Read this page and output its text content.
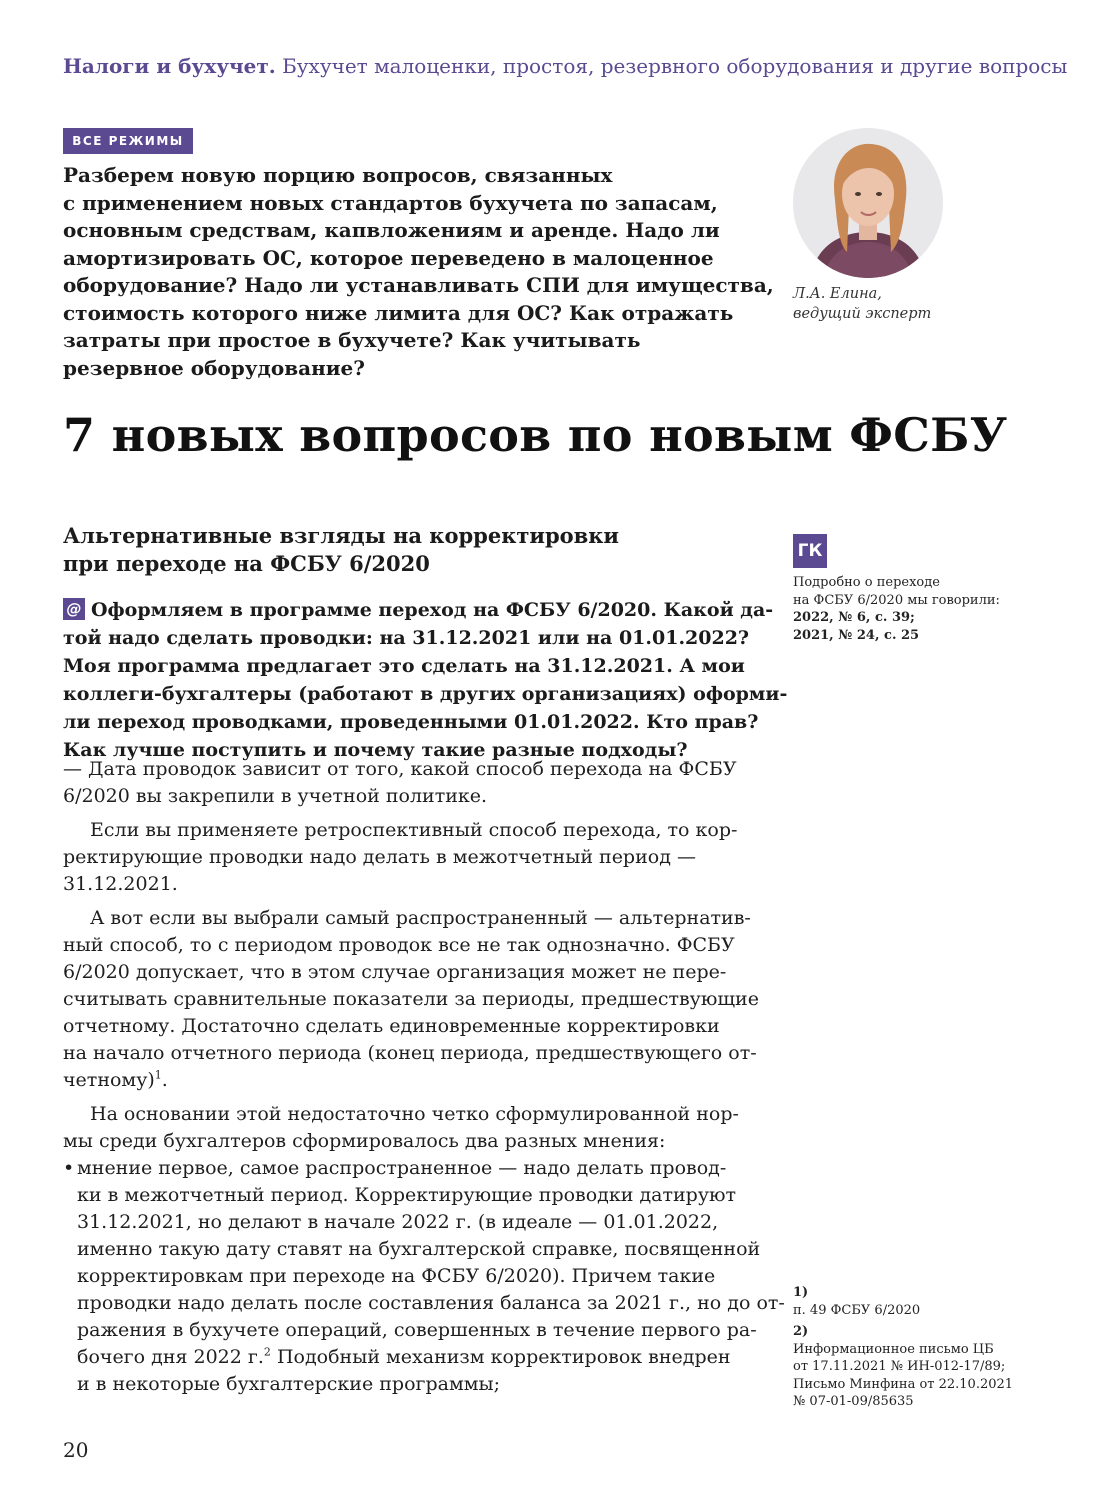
Налоги и бухучет. Бухучет малоценки, простоя, резервного оборудования и другие вопросы
ВСЕ РЕЖИМЫ
Разберем новую порцию вопросов, связанных
с применением новых стандартов бухучета по запасам,
основным средствам, капвложениям и аренде. Надо ли
амортизировать ОС, которое переведено в малоценное
оборудование? Надо ли устанавливать СПИ для имущества,
стоимость которого ниже лимита для ОС? Как отражать
затраты при простое в бухучете? Как учитывать
резервное оборудование?
Л.А. Елина,
ведущий эксперт
7 новых вопросов по новым ФСБУ
Альтернативные взгляды на корректировки
при переходе на ФСБУ 6/2020
@ Оформляем в программе переход на ФСБУ 6/2020. Какой да-
той надо сделать проводки: на 31.12.2021 или на 01.01.2022?
Моя программа предлагает это сделать на 31.12.2021. А мои
коллеги-бухгалтеры (работают в других организациях) оформи-
ли переход проводками, проведенными 01.01.2022. Кто прав?
Как лучше поступить и почему такие разные подходы?
— Дата проводок зависит от того, какой способ перехода на ФСБУ
6/2020 вы закрепили в учетной политике.
Если вы применяете ретроспективный способ перехода, то кор-
ректирующие проводки надо делать в межотчетный период —
31.12.2021.
А вот если вы выбрали самый распространенный — альтернатив-
ный способ, то с периодом проводок все не так однозначно. ФСБУ
6/2020 допускает, что в этом случае организация может не пере-
считывать сравнительные показатели за периоды, предшествующие
отчетному. Достаточно сделать единовременные корректировки
на начало отчетного периода (конец периода, предшествующего от-
четному)$^1$.
На основании этой недостаточно четко сформулированной нор-
мы среди бухгалтеров сформировалось два разных мнения:
• мнение первое, самое распространенное — надо делать провод-
ки в межотчетный период. Корректирующие проводки датируют
31.12.2021, но делают в начале 2022 г. (в идеале — 01.01.2022,
именно такую дату ставят на бухгалтерской справке, посвященной
корректировкам при переходе на ФСБУ 6/2020). Причем такие
проводки надо делать после составления баланса за 2021 г., но до от-
ражения в бухучете операций, совершенных в течение первого ра-
бочего дня 2022 г.$^2$ Подобный механизм корректировок внедрен
и в некоторые бухгалтерские программы;
ГК
Подробно о переходе
на ФСБУ 6/2020 мы говорили:
2022, № 6, с. 39;
2021, № 24, с. 25
1)
п. 49 ФСБУ 6/2020
2)
Информационное письмо ЦБ
от 17.11.2021 № ИН-012-17/89;
Письмо Минфина от 22.10.2021
№ 07-01-09/85635
20
